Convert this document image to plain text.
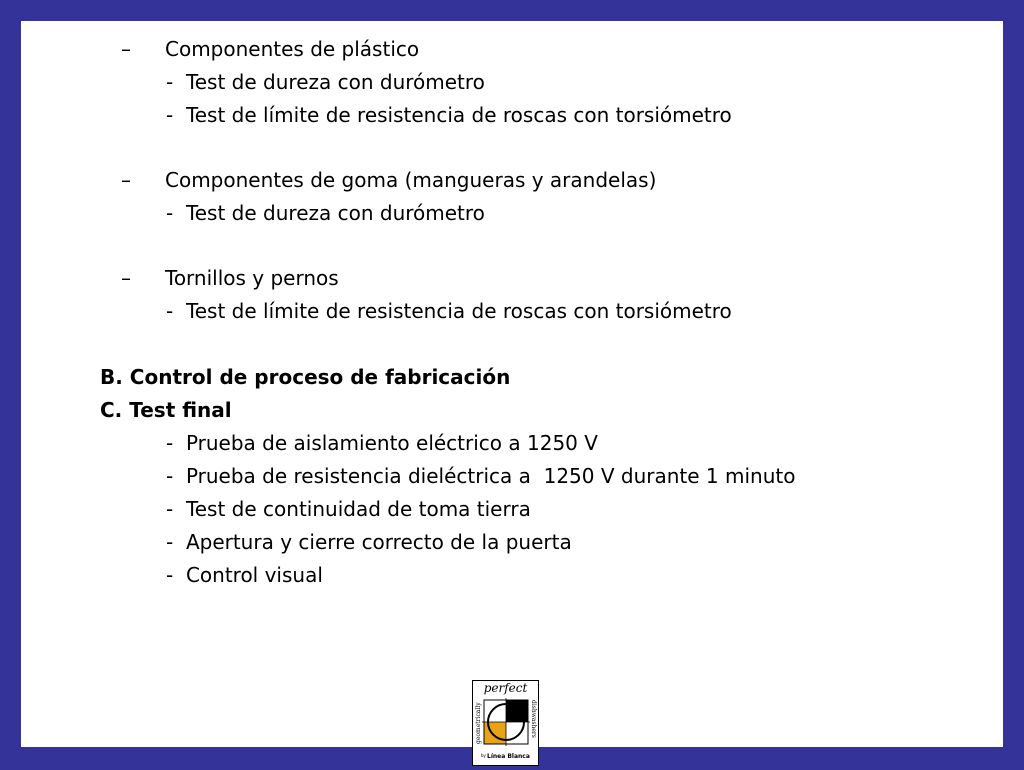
– Componentes de plástico
- Test de dureza con durómetro
- Test de límite de resistencia de roscas con torsiómetro
– Componentes de goma (mangueras y arandelas)
- Test de dureza con durómetro
– Tornillos y pernos
- Test de límite de resistencia de roscas con torsiómetro
B. Control de proceso de fabricación
C. Test final
- Prueba de aislamiento eléctrico a 1250 V
- Prueba de resistencia dieléctrica a  1250 V durante 1 minuto
- Test de continuidad de toma tierra
- Apertura y cierre correcto de la puerta
- Control visual
perfect
geometrically	dishwashers
by Línea Blanca
